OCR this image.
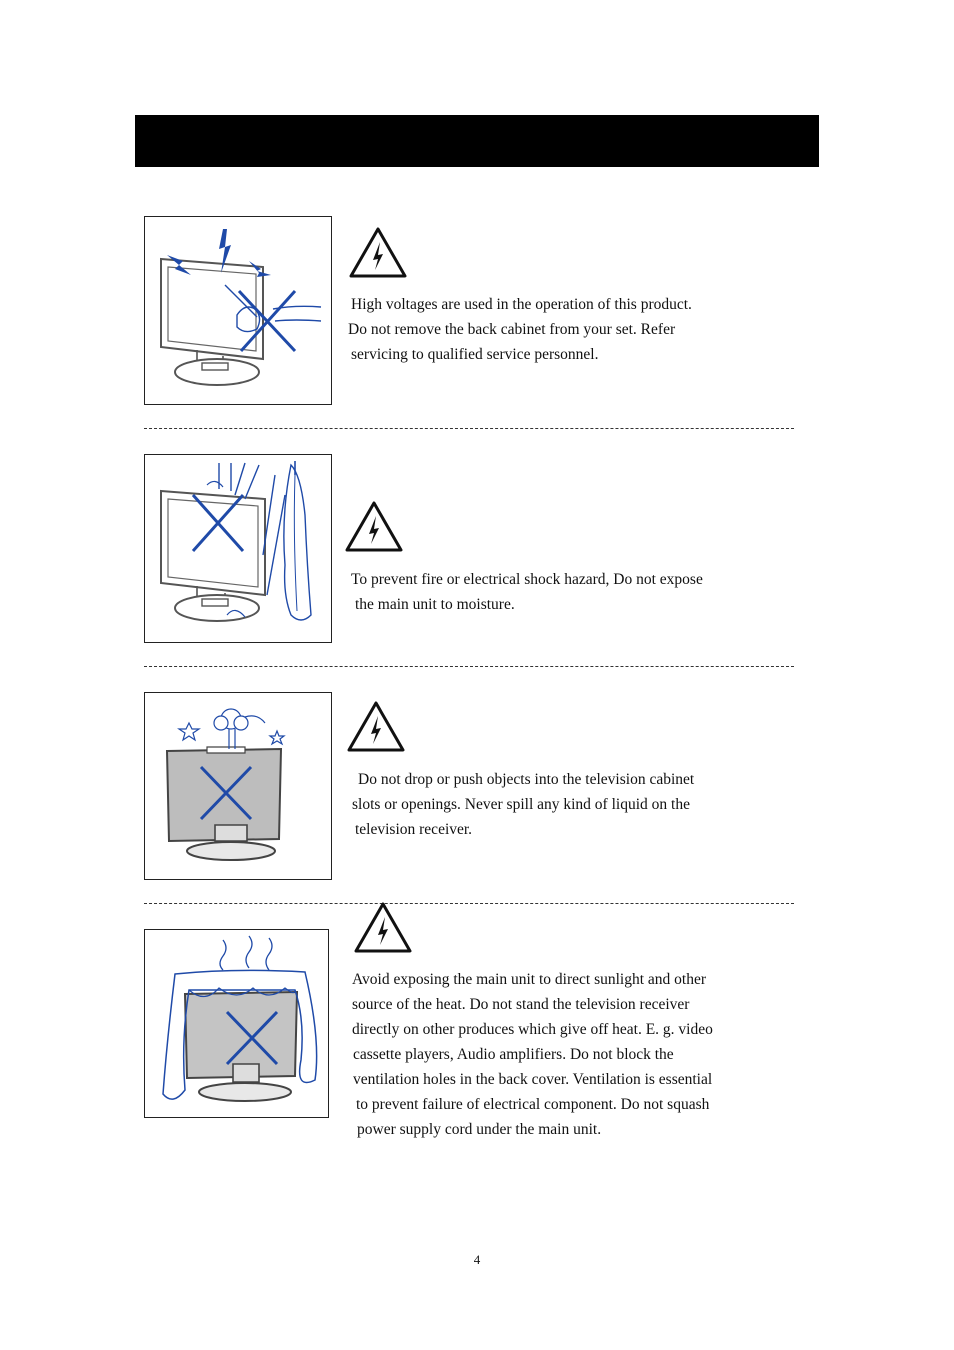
High voltages are used in the operation of this product.
Do not remove the back cabinet from your set. Refer
servicing to qualified service personnel.
To prevent fire or electrical shock hazard, Do not expose
the main unit to moisture.
Do not drop or push objects into the television cabinet
slots or openings. Never spill any kind of liquid on the
television receiver.
Avoid exposing the main unit to direct sunlight and other
source of the heat. Do not stand the television receiver
directly on other produces which give off heat. E. g. video
cassette players, Audio amplifiers. Do not block the
ventilation holes in the back cover. Ventilation is essential
to prevent failure of electrical component. Do not squash
power supply cord under the main unit.
4
